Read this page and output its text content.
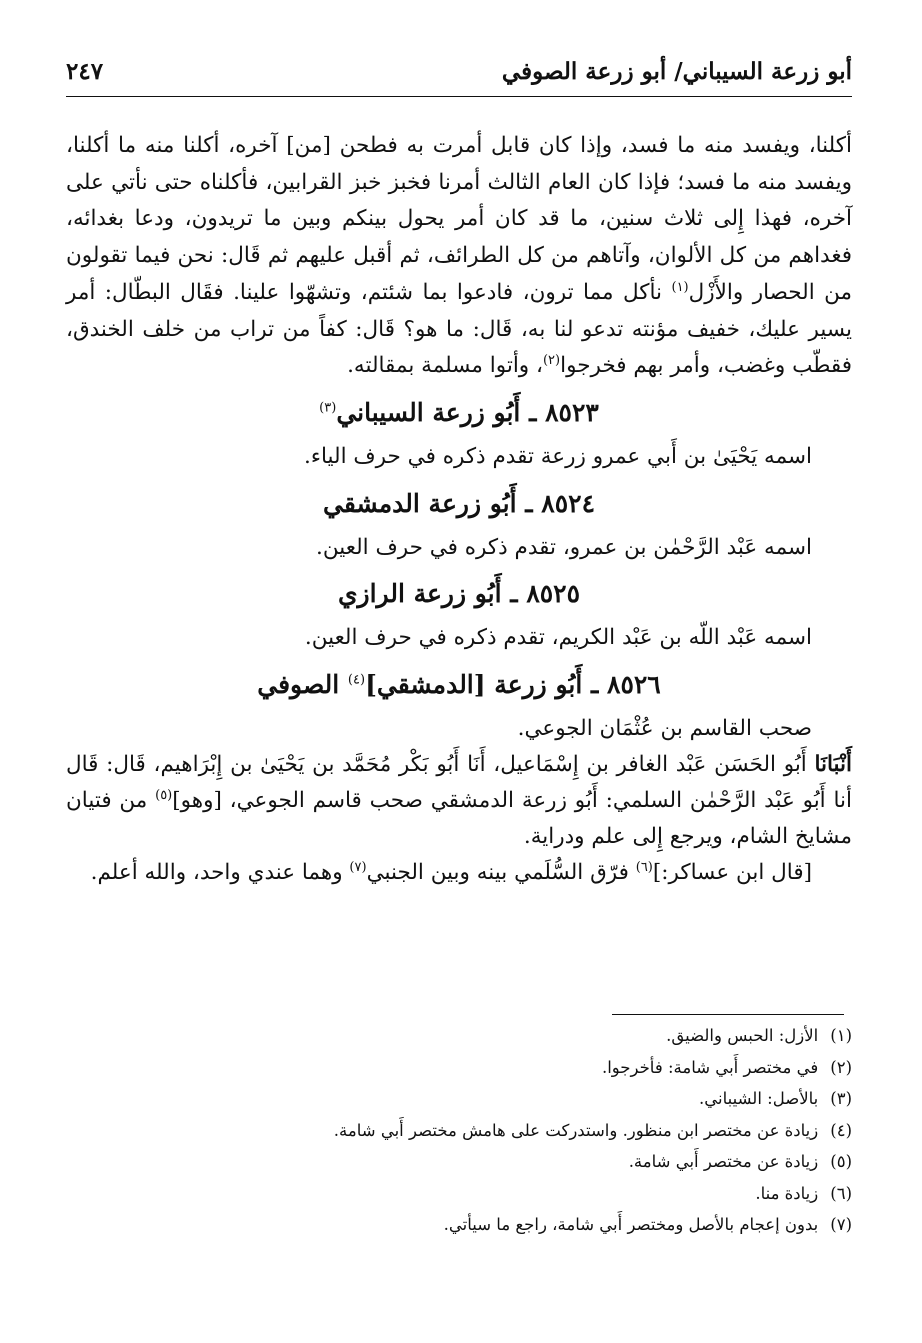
أبو زرعة السيباني/ أبو زرعة الصوفي
٢٤٧

أكلنا، ويفسد منه ما فسد، وإذا كان قابل أمرت به فطحن [من] آخره، أكلنا منه ما أكلنا، ويفسد منه ما فسد؛ فإذا كان العام الثالث أمرنا فخبز خبز القرابين، فأكلناه حتى نأتي على آخره، فهذا إِلى ثلاث سنين، ما قد كان أمر يحول بينكم وبين ما تريدون، ودعا بغدائه، فغداهم من كل الألوان، وآتاهم من كل الطرائف، ثم أقبل عليهم ثم قَال: نحن فيما تقولون من الحصار والأَزْل$^{(١)}$ نأكل مما ترون، فادعوا بما شئتم، وتشهّوا علينا. فقَال البطّال: أمر يسير عليك، خفيف مؤنته تدعو لنا به، قَال: ما هو؟ قَال: كفاً من تراب من خلف الخندق، فقطّب وغضب، وأمر بهم فخرجوا$^{(٢)}$، وأتوا مسلمة بمقالته.

٨٥٢٣ ـ أَبُو زرعة السيباني$^{(٣)}$

اسمه يَحْيَىٰ بن أَبي عمرو زرعة تقدم ذكره في حرف الياء.

٨٥٢٤ ـ أَبُو زرعة الدمشقي

اسمه عَبْد الرَّحْمٰن بن عمرو، تقدم ذكره في حرف العين.

٨٥٢٥ ـ أَبُو زرعة الرازي

اسمه عَبْد اللّه بن عَبْد الكريم، تقدم ذكره في حرف العين.

٨٥٢٦ ـ أَبُو زرعة [الدمشقي]$^{(٤)}$ الصوفي

صحب القاسم بن عُثْمَان الجوعي.

أَنْبَانَا أَبُو الحَسَن عَبْد الغافر بن إِسْمَاعيل، أَنَا أَبُو بَكْر مُحَمَّد بن يَحْيَىٰ بن إِبْرَاهيم، قَال: قَال أنا أَبُو عَبْد الرَّحْمٰن السلمي: أَبُو زرعة الدمشقي صحب قاسم الجوعي، [وهو]$^{(٥)}$ من فتيان مشايخ الشام، ويرجع إِلى علم ودراية.

[قال ابن عساكر:]$^{(٦)}$ فرّق السُّلَمي بينه وبين الجنبي$^{(٧)}$ وهما عندي واحد، والله أعلم.

(١)الأزل: الحبس والضيق.
(٢)في مختصر أَبي شامة: فأخرجوا.
(٣)بالأصل: الشيباني.
(٤)زيادة عن مختصر ابن منظور. واستدركت على هامش مختصر أَبي شامة.
(٥)زيادة عن مختصر أَبي شامة.
(٦)زيادة منا.
(٧)بدون إعجام بالأصل ومختصر أَبي شامة، راجع ما سيأتي.
